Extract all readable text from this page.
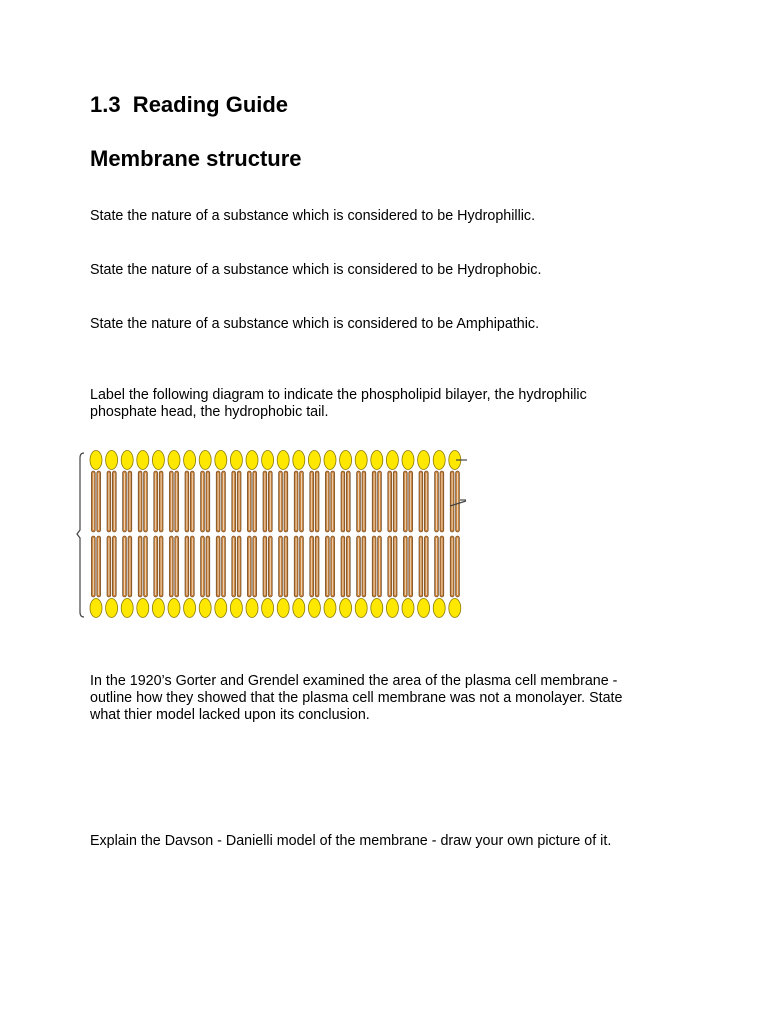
1.3  Reading Guide
Membrane structure

State the nature of a substance which is considered to be Hydrophillic.

State the nature of a substance which is considered to be Hydrophobic.

State the nature of a substance which is considered to be Amphipathic.

Label the following diagram to indicate the phospholipid bilayer, the hydrophilic
phosphate head, the hydrophobic tail.
In the 1920’s Gorter and Grendel examined the area of the plasma cell membrane -
outline how they showed that the plasma cell membrane was not a monolayer. State
what thier model lacked upon its conclusion.

Explain the Davson - Danielli model of the membrane - draw your own picture of it.
